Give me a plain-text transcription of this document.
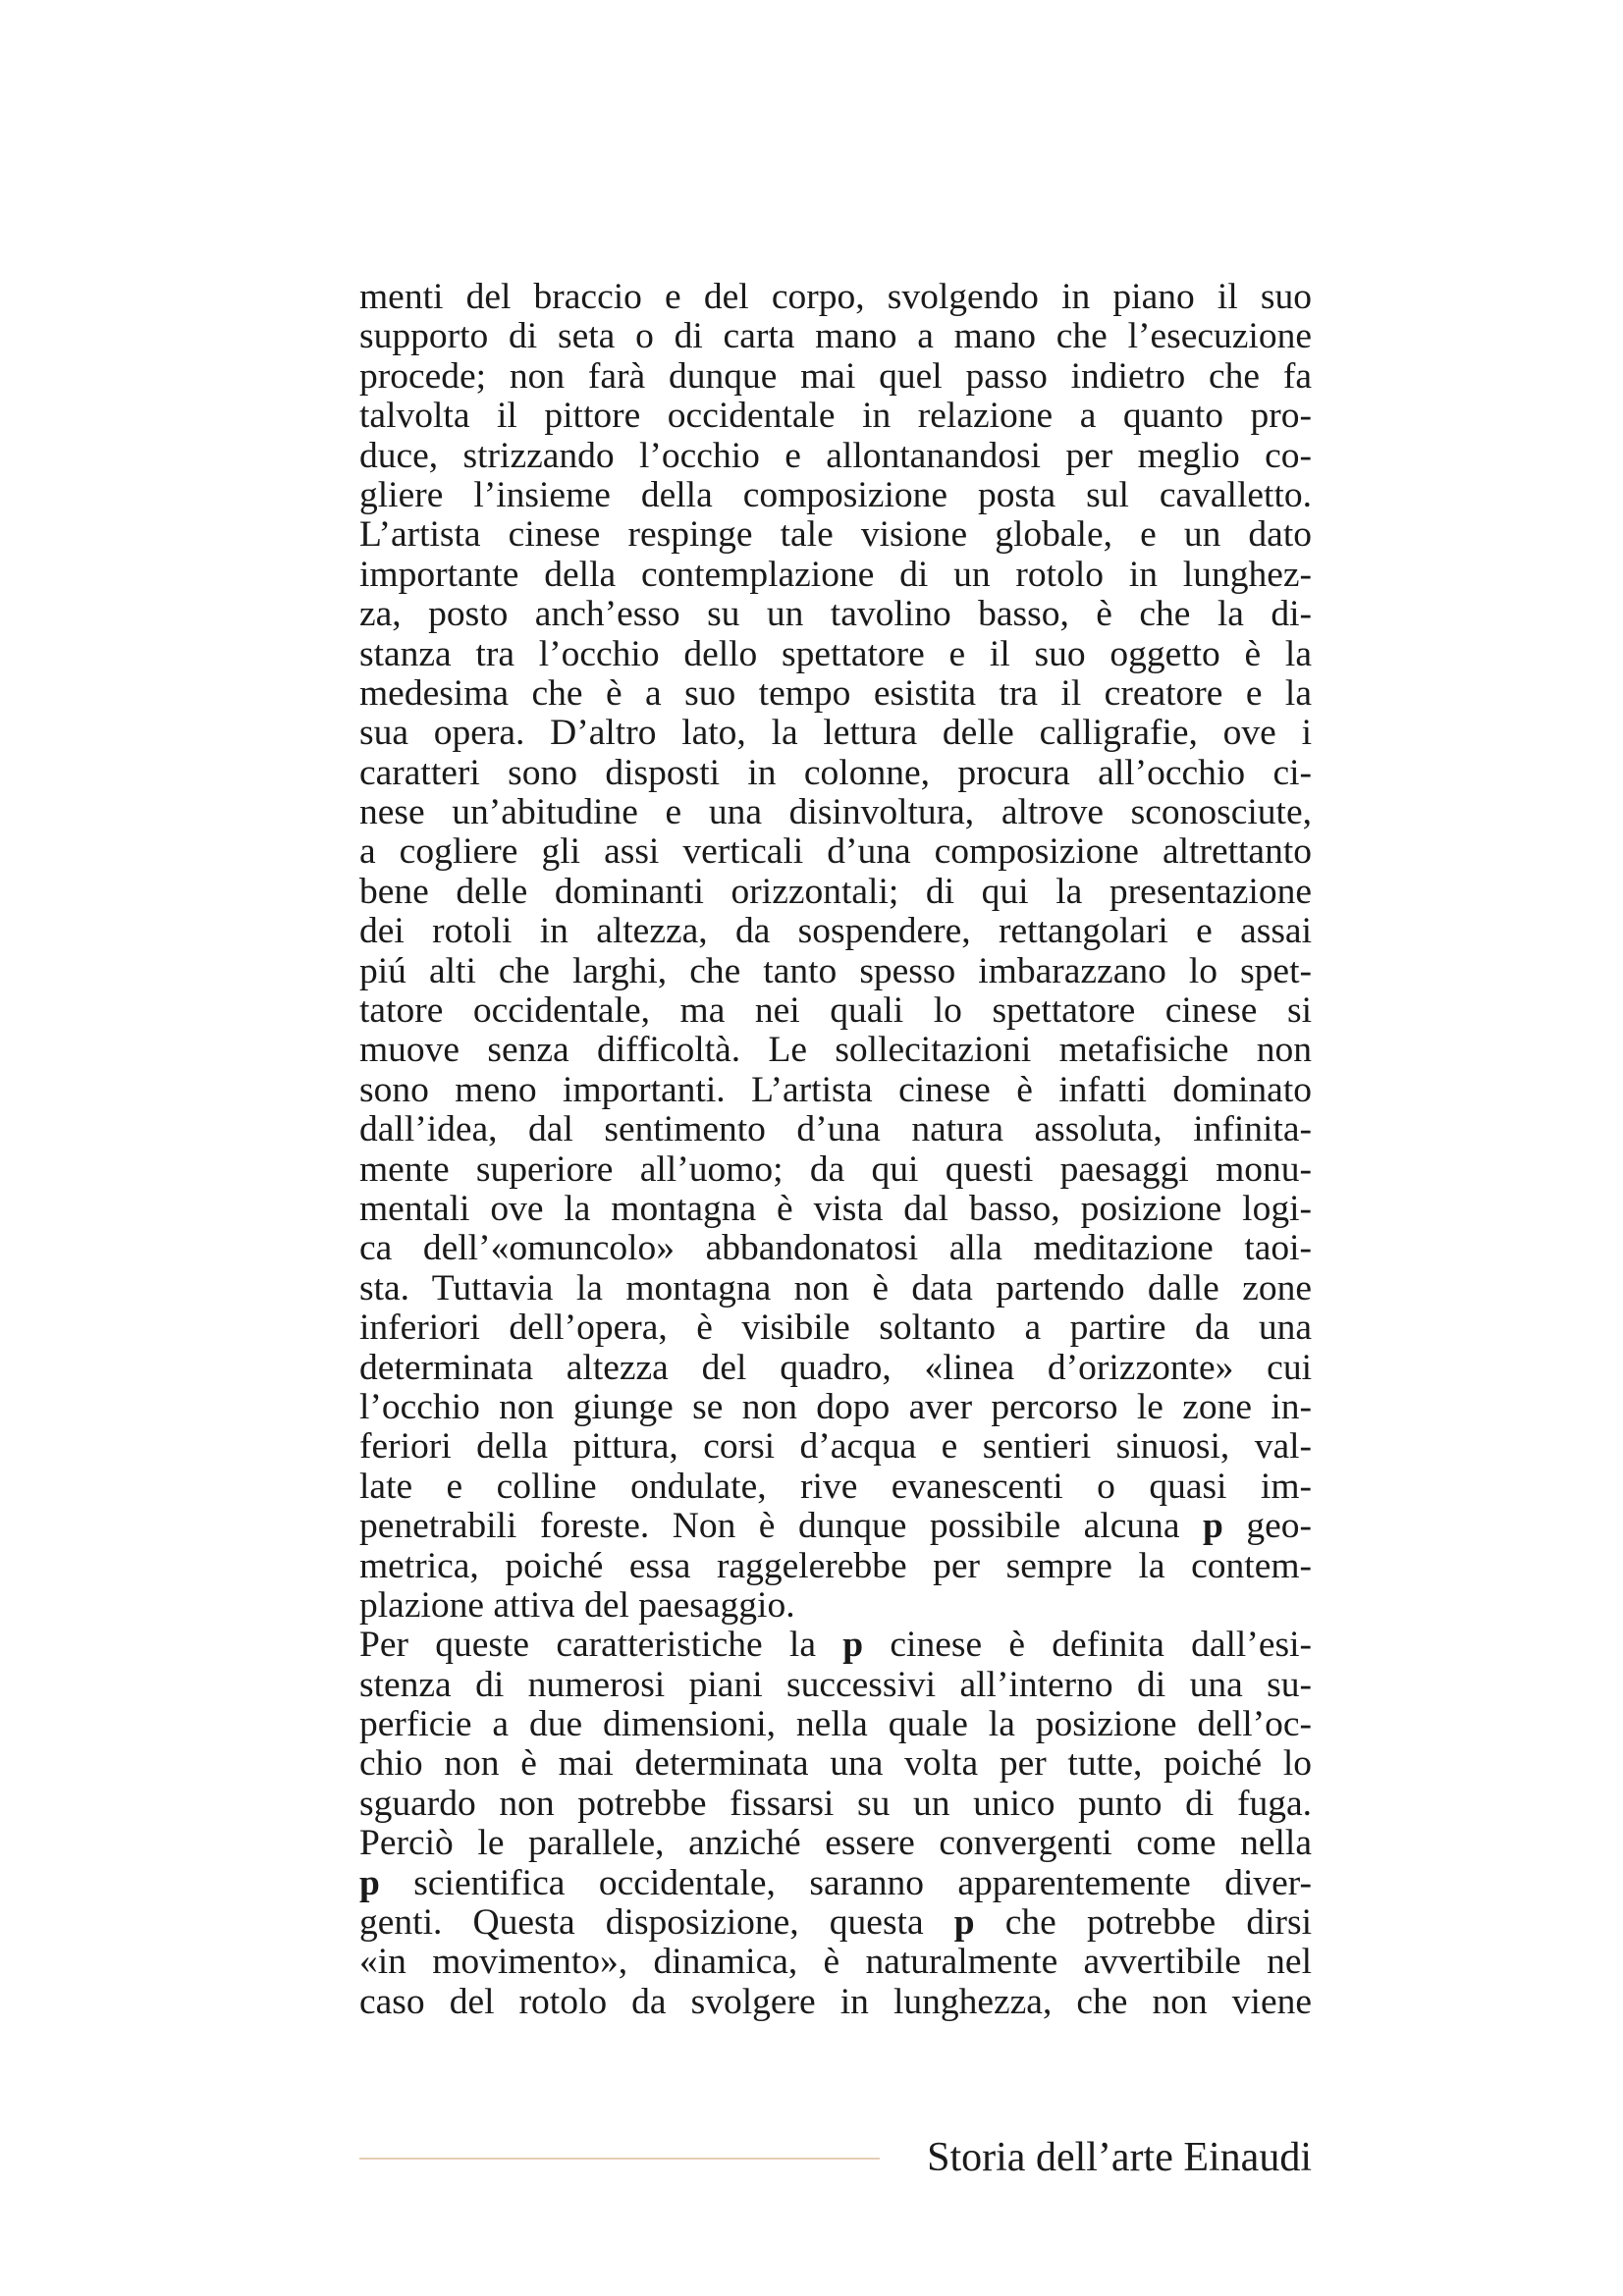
menti del braccio e del corpo, svolgendo in piano il suo
supporto di seta o di carta mano a mano che l’esecuzione
procede; non farà dunque mai quel passo indietro che fa
talvolta il pittore occidentale in relazione a quanto pro-
duce, strizzando l’occhio e allontanandosi per meglio co-
gliere l’insieme della composizione posta sul cavalletto.
L’artista cinese respinge tale visione globale, e un dato
importante della contemplazione di un rotolo in lunghez-
za, posto anch’esso su un tavolino basso, è che la di-
stanza tra l’occhio dello spettatore e il suo oggetto è la
medesima che è a suo tempo esistita tra il creatore e la
sua opera. D’altro lato, la lettura delle calligrafie, ove i
caratteri sono disposti in colonne, procura all’occhio ci-
nese un’abitudine e una disinvoltura, altrove sconosciute,
a cogliere gli assi verticali d’una composizione altrettanto
bene delle dominanti orizzontali; di qui la presentazione
dei rotoli in altezza, da sospendere, rettangolari e assai
piú alti che larghi, che tanto spesso imbarazzano lo spet-
tatore occidentale, ma nei quali lo spettatore cinese si
muove senza difficoltà. Le sollecitazioni metafisiche non
sono meno importanti. L’artista cinese è infatti dominato
dall’idea, dal sentimento d’una natura assoluta, infinita-
mente superiore all’uomo; da qui questi paesaggi monu-
mentali ove la montagna è vista dal basso, posizione logi-
ca dell’«omuncolo» abbandonatosi alla meditazione taoi-
sta. Tuttavia la montagna non è data partendo dalle zone
inferiori dell’opera, è visibile soltanto a partire da una
determinata altezza del quadro, «linea d’orizzonte» cui
l’occhio non giunge se non dopo aver percorso le zone in-
feriori della pittura, corsi d’acqua e sentieri sinuosi, val-
late e colline ondulate, rive evanescenti o quasi im-
penetrabili foreste. Non è dunque possibile alcuna p geo-
metrica, poiché essa raggelerebbe per sempre la contem-
plazione attiva del paesaggio.
Per queste caratteristiche la p cinese è definita dall’esi-
stenza di numerosi piani successivi all’interno di una su-
perficie a due dimensioni, nella quale la posizione dell’oc-
chio non è mai determinata una volta per tutte, poiché lo
sguardo non potrebbe fissarsi su un unico punto di fuga.
Perciò le parallele, anziché essere convergenti come nella
p scientifica occidentale, saranno apparentemente diver-
genti. Questa disposizione, questa p che potrebbe dirsi
«in movimento», dinamica, è naturalmente avvertibile nel
caso del rotolo da svolgere in lunghezza, che non viene
Storia dell’arte Einaudi
